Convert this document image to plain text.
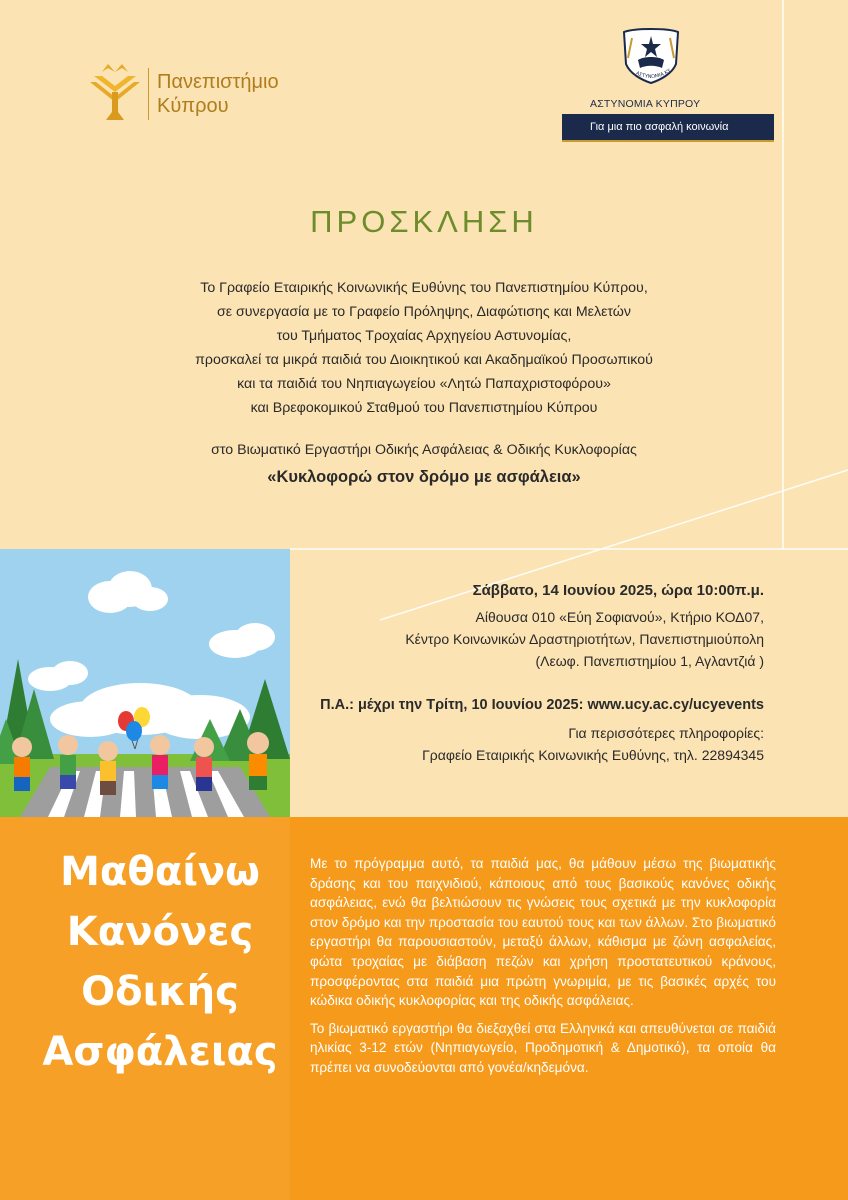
Πανεπιστήμιο
Κύπρου
ΑΣΤΥΝΟΜΙΑ ΚΥ
ΑΣΤΥΝΟΜΙΑ ΚΥΠΡΟΥ
Για μια πιο ασφαλή κοινωνία
ΠΡΟΣΚΛΗΣΗ
Το Γραφείο Εταιρικής Κοινωνικής Ευθύνης του Πανεπιστημίου Κύπρου,
σε συνεργασία με το Γραφείο Πρόληψης, Διαφώτισης και Μελετών
του Τμήματος Τροχαίας Αρχηγείου Αστυνομίας,
προσκαλεί τα μικρά παιδιά του Διοικητικού και Ακαδημαϊκού Προσωπικού
και τα παιδιά του Νηπιαγωγείου «Λητώ Παπαχριστοφόρου»
και Βρεφοκομικού Σταθμού του Πανεπιστημίου Κύπρου
στο Βιωματικό Εργαστήρι Οδικής Ασφάλειας & Οδικής Κυκλοφορίας
«Κυκλοφορώ στον δρόμο με ασφάλεια»
Σάββατο, 14 Ιουνίου 2025, ώρα 10:00π.μ.
Αίθουσα 010 «Εύη Σοφιανού», Κτήριο ΚΟΔ07,
Κέντρο Κοινωνικών Δραστηριοτήτων, Πανεπιστημιούπολη
(Λεωφ. Πανεπιστημίου 1, Αγλαντζιά )
Π.Α.: μέχρι την Τρίτη, 10 Ιουνίου 2025: www.ucy.ac.cy/ucyevents
Για περισσότερες πληροφορίες:
Γραφείο Εταιρικής Κοινωνικής Ευθύνης, τηλ. 22894345
Μαθαίνω
Κανόνες
Οδικής
Ασφάλειας

Με το πρόγραμμα αυτό, τα παιδιά μας, θα μάθουν μέσω της βιωματικής δράσης και του παιχνιδιού, κάποιους από τους βασικούς κανόνες οδικής ασφάλειας, ενώ θα βελτιώσουν τις γνώσεις τους σχετικά με την κυκλοφορία στον δρόμο και την προστασία του εαυτού τους και των άλλων. Στο βιωματικό εργαστήρι θα παρουσιαστούν, μεταξύ άλλων, κάθισμα με ζώνη ασφαλείας, φώτα τροχαίας με διάβαση πεζών και χρήση προστατευτικού κράνους, προσφέροντας στα παιδιά μια πρώτη γνωριμία, με τις βασικές αρχές του κώδικα οδικής κυκλοφορίας και της οδικής ασφάλειας.

Το βιωματικό εργαστήρι θα διεξαχθεί στα Ελληνικά και απευθύνεται σε παιδιά ηλικίας 3-12 ετών (Νηπιαγωγείο, Προδημοτική & Δημοτικό), τα οποία θα πρέπει να συνοδεύονται από γονέα/κηδεμόνα.
